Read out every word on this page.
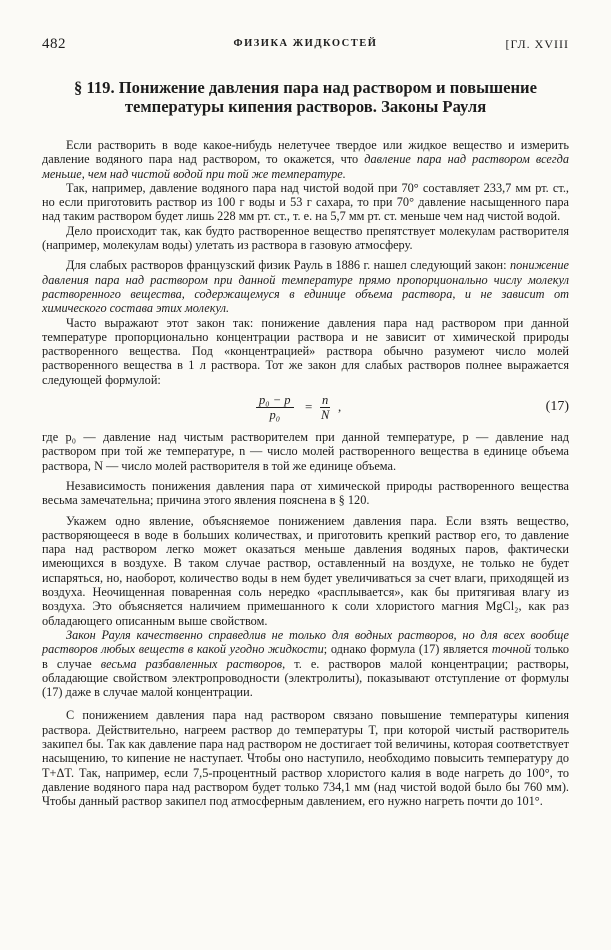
482	ФИЗИКА ЖИДКОСТЕЙ	[ГЛ. XVIII
§ 119. Понижение давления пара над раствором и повышение температуры кипения растворов. Законы Рауля

Если растворить в воде какое-нибудь нелетучее твердое или жидкое вещество и измерить давление водяного пара над раствором, то окажется, что давление пара над раствором всегда меньше, чем над чистой водой при той же температуре.

Так, например, давление водяного пара над чистой водой при 70° составляет 233,7 мм рт. ст., но если приготовить раствор из 100 г воды и 53 г сахара, то при 70° давление насыщенного пара над таким раствором будет лишь 228 мм рт. ст., т. е. на 5,7 мм рт. ст. меньше чем над чистой водой.

Дело происходит так, как будто растворенное вещество препятствует молекулам растворителя (например, молекулам воды) улетать из раствора в газовую атмосферу.

Для слабых растворов французский физик Рауль в 1886 г. нашел следующий закон: понижение давления пара над раствором при данной температуре прямо пропорционально числу молекул растворенного вещества, содержащемуся в единице объема раствора, и не зависит от химического состава этих молекул.

Часто выражают этот закон так: понижение давления пара над раствором при данной температуре пропорционально концентрации раствора и не зависит от химической природы растворенного вещества. Под «концентрацией» раствора обычно разумеют число молей растворенного вещества в 1 л раствора. Тот же закон для слабых растворов полнее выражается следующей формулой:

$\frac{\text{p₀ − p}}{\text{p₀}} = \frac{n}{N}$ ,	(17)

где p₀ — давление над чистым растворителем при данной температуре, p — давление над раствором при той же температуре, n — число молей растворенного вещества в единице объема раствора, N — число молей растворителя в той же единице объема.

Независимость понижения давления пара от химической природы растворенного вещества весьма замечательна; причина этого явления пояснена в § 120.

Укажем одно явление, объясняемое понижением давления пара. Если взять вещество, растворяющееся в воде в больших количествах, и приготовить крепкий раствор его, то давление пара над раствором легко может оказаться меньше давления водяных паров, фактически имеющихся в воздухе. В таком случае раствор, оставленный на воздухе, не только не будет испаряться, но, наоборот, количество воды в нем будет увеличиваться за счет влаги, приходящей из воздуха. Неочищенная поваренная соль нередко «расплывается», как бы притягивая влагу из воздуха. Это объясняется наличием примешанного к соли хлористого магния MgCl₂, как раз обладающего описанным выше свойством.

Закон Рауля качественно справедлив не только для водных растворов, но для всех вообще растворов любых веществ в какой угодно жидкости; однако формула (17) является точной только в случае весьма разбавленных растворов, т. е. растворов малой концентрации; растворы, обладающие свойством электропроводности (электролиты), показывают отступление от формулы (17) даже в случае малой концентрации.

С понижением давления пара над раствором связано повышение температуры кипения раствора. Действительно, нагреем раствор до температуры T, при которой чистый растворитель закипел бы. Так как давление пара над раствором не достигает той величины, которая соответствует насыщению, то кипение не наступает. Чтобы оно наступило, необходимо повысить температуру до T+ΔT. Так, например, если 7,5-процентный раствор хлористого калия в воде нагреть до 100°, то давление водяного пара над раствором будет только 734,1 мм (над чистой водой было бы 760 мм). Чтобы данный раствор закипел под атмосферным давлением, его нужно нагреть почти до 101°.
